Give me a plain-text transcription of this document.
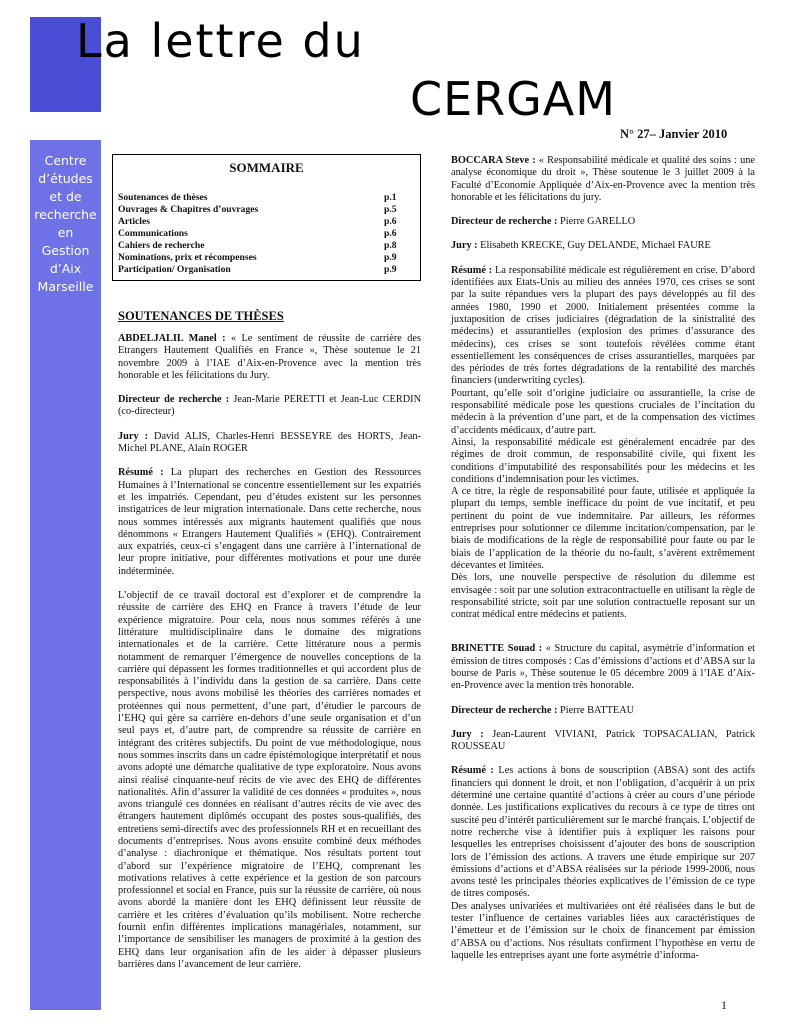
Centre
d’études
et de
recherche
en
Gestion
d’Aix
Marseille
La lettre du
CERGAM
N° 27– Janvier 2010
SOMMAIRE
Soutenances de thèses	p.1
Ouvrages & Chapitres d’ouvrages	p.5
Articles	p.6
Communications	p.6
Cahiers de recherche	p.8
Nominations, prix et récompenses	p.9
Participation/ Organisation	p.9
SOUTENANCES DE THÈSES

ABDELJALIL Manel : « Le sentiment de réussite de carrière des Etrangers Hautement Qualifiés en France », Thèse soutenue le 21 novembre 2009 à l’IAE d’Aix-en-Provence avec la mention très honorable et les félicitations du Jury.

Directeur de recherche : Jean-Marie PERETTI et Jean-Luc CERDIN (co-directeur)

Jury : David ALIS, Charles-Henri BESSEYRE des HORTS, Jean-Michel PLANE, Alain ROGER

Résumé : La plupart des recherches en Gestion des Ressources Humaines à l’International se concentre essentiellement sur les expatriés et les impatriés. Cependant, peu d’études existent sur les personnes instigatrices de leur migration internationale. Dans cette recherche, nous nous sommes intéressés aux migrants hautement qualifiés que nous dénommons « Etrangers Hautement Qualifiés » (EHQ). Contrairement aux expatriés, ceux-ci s’engagent dans une carrière à l’international de leur propre initiative, pour différentes motivations et pour une durée indéterminée.

L’objectif de ce travail doctoral est d’explorer et de comprendre la réussite de carrière des EHQ en France à travers l’étude de leur expérience migratoire. Pour cela, nous nous sommes référés à une littérature multidisciplinaire dans le domaine des migrations internationales et de la carrière. Cette littérature nous a permis notamment de remarquer l’émergence de nouvelles conceptions de la carrière qui dépassent les formes traditionnelles et qui accordent plus de responsabilités à l’individu dans la gestion de sa carrière. Dans cette perspective, nous avons mobilisé les théories des carrières nomades et protéennes qui nous permettent, d’une part, d’étudier le parcours de l’EHQ qui gère sa carrière en-dehors d’une seule organisation et d’un seul pays et, d’autre part, de comprendre sa réussite de carrière en intégrant des critères subjectifs. Du point de vue méthodologique, nous nous sommes inscrits dans un cadre épistémologique interprétatif et nous avons adopté une démarche qualitative de type exploratoire. Nous avons ainsi réalisé cinquante-neuf récits de vie avec des EHQ de différentes nationalités. Afin d’assurer la validité de ces données « produites », nous avons triangulé ces données en réalisant d’autres récits de vie avec des étrangers hautement diplômés occupant des postes sous-qualifiés, des entretiens semi-directifs avec des professionnels RH et en recueillant des documents d’entreprises. Nous avons ensuite combiné deux méthodes d’analyse : diachronique et thématique. Nos résultats portent tout d’abord sur l’expérience migratoire de l’EHQ, comprenant les motivations relatives à cette expérience et la gestion de son parcours professionnel et social en France, puis sur la réussite de carrière, où nous avons abordé la manière dont les EHQ définissent leur réussite de carrière et les critères d’évaluation qu’ils mobilisent. Notre recherche fournit enfin différentes implications managériales, notamment, sur l’importance de sensibiliser les managers de proximité à la gestion des EHQ dans leur organisation afin de les aider à dépasser plusieurs barrières dans l’avancement de leur carrière.

BOCCARA Steve : « Responsabilité médicale et qualité des soins : une analyse économique du droit », Thèse soutenue le 3 juillet 2009 à la Faculté d’Economie Appliquée d’Aix-en-Provence avec la mention très honorable et les félicitations du jury.

Directeur de recherche : Pierre GARELLO

Jury : Elisabeth KRECKE, Guy DELANDE, Michael FAURE

Résumé : La responsabilité médicale est régulièrement en crise. D’abord identifiées aux Etats-Unis au milieu des années 1970, ces crises se sont par la suite répandues vers la plupart des pays développés au fil des années 1980, 1990 et 2000. Initialement présentées comme la juxtaposition de crises judiciaires (dégradation de la sinistralité des médecins) et assurantielles (explosion des primes d’assurance des médecins), ces crises se sont toutefois révélées comme étant essentiellement les conséquences de crises assurantielles, marquées par des périodes de très fortes dégradations de la rentabilité des marchés financiers (underwriting cycles).

Pourtant, qu’elle soit d’origine judiciaire ou assurantielle, la crise de responsabilité médicale pose les questions cruciales de l’incitation du médecin à la prévention d’une part, et de la compensation des victimes d’accidents médicaux, d’autre part.

Ainsi, la responsabilité médicale est généralement encadrée par des régimes de droit commun, de responsabilité civile, qui fixent les conditions d’imputabilité des responsabilités pour les médecins et les conditions d’indemnisation pour les victimes.

A ce titre, la règle de responsabilité pour faute, utilisée et appliquée la plupart du temps, semble inefficace du point de vue incitatif, et peu pertinent du point de vue indemnitaire. Par ailleurs, les réformes entreprises pour solutionner ce dilemme incitation/compensation, par le biais de modifications de la règle de responsabilité pour faute ou par le biais de l’application de la théorie du no-fault, s’avèrent extrêmement décevantes et limitées.

Dès lors, une nouvelle perspective de résolution du dilemme est envisagée : soit par une solution extracontractuelle en utilisant la règle de responsabilité stricte, soit par une solution contractuelle reposant sur un contrat médical entre médecins et patients.

BRINETTE Souad : « Structure du capital, asymétrie d’information et émission de titres composés : Cas d’émissions d’actions et d’ABSA sur la bourse de Paris », Thèse soutenue le 05 décembre 2009 à l’IAE d’Aix-en-Provence avec la mention très honorable.

Directeur de recherche : Pierre BATTEAU

Jury : Jean-Laurent VIVIANI, Patrick TOPSACALIAN, Patrick ROUSSEAU

Résumé : Les actions à bons de souscription (ABSA) sont des actifs financiers qui donnent le droit, et non l’obligation, d’acquérir à un prix déterminé une certaine quantité d’actions à créer au cours d’une période donnée. Les justifications explicatives du recours à ce type de titres ont suscité peu d’intérêt particulièrement sur le marché français. L’objectif de notre recherche vise à identifier puis à expliquer les raisons pour lesquelles les entreprises choisissent d’ajouter des bons de souscription lors de l’émission des actions. A travers une étude empirique sur 207 émissions d’actions et d’ABSA réalisées sur la période 1999-2006, nous avons testé les principales théories explicatives de l’émission de ce type de titres composés.

Des analyses univariées et multivariées ont été réalisées dans le but de tester l’influence de certaines variables liées aux caractéristiques de l’émetteur et de l’émission sur le choix de financement par émission d’ABSA ou d’actions. Nos résultats confirment l’hypothèse en vertu de laquelle les entreprises ayant une forte asymétrie d’informa-

1
